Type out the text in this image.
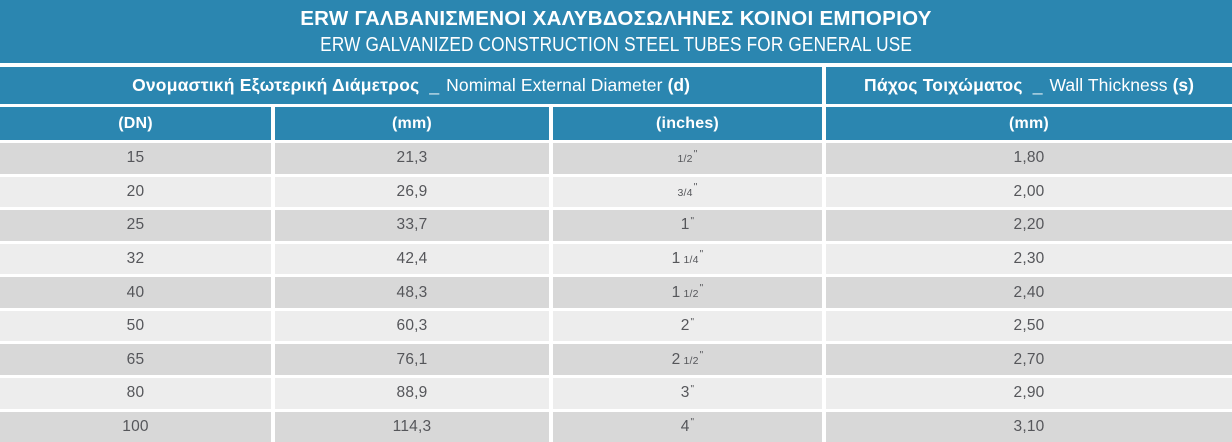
ERW ΓΑΛΒΑΝΙΣΜΕΝΟΙ ΧΑΛΥΒΔΟΣΩΛΗΝΕΣ ΚΟΙΝΟΙ ΕΜΠΟΡΙΟΥ
ERW GALVANIZED CONSTRUCTION STEEL TUBES FOR GENERAL USE
Ονομαστική Εξωτερική Διάμετρος _ Nomimal External Diameter (d)	Πάχος Τοιχώματος _ Wall Thickness (s)
(DN)	(mm)	(inches)	(mm)
15	21,3	1/2 "	1,80
20	26,9	3/4 "	2,00
25	33,7	1 "	2,20
32	42,4	1 1/4 "	2,30
40	48,3	1 1/2 "	2,40
50	60,3	2 "	2,50
65	76,1	2 1/2 "	2,70
80	88,9	3 "	2,90
100	114,3	4 "	3,10
